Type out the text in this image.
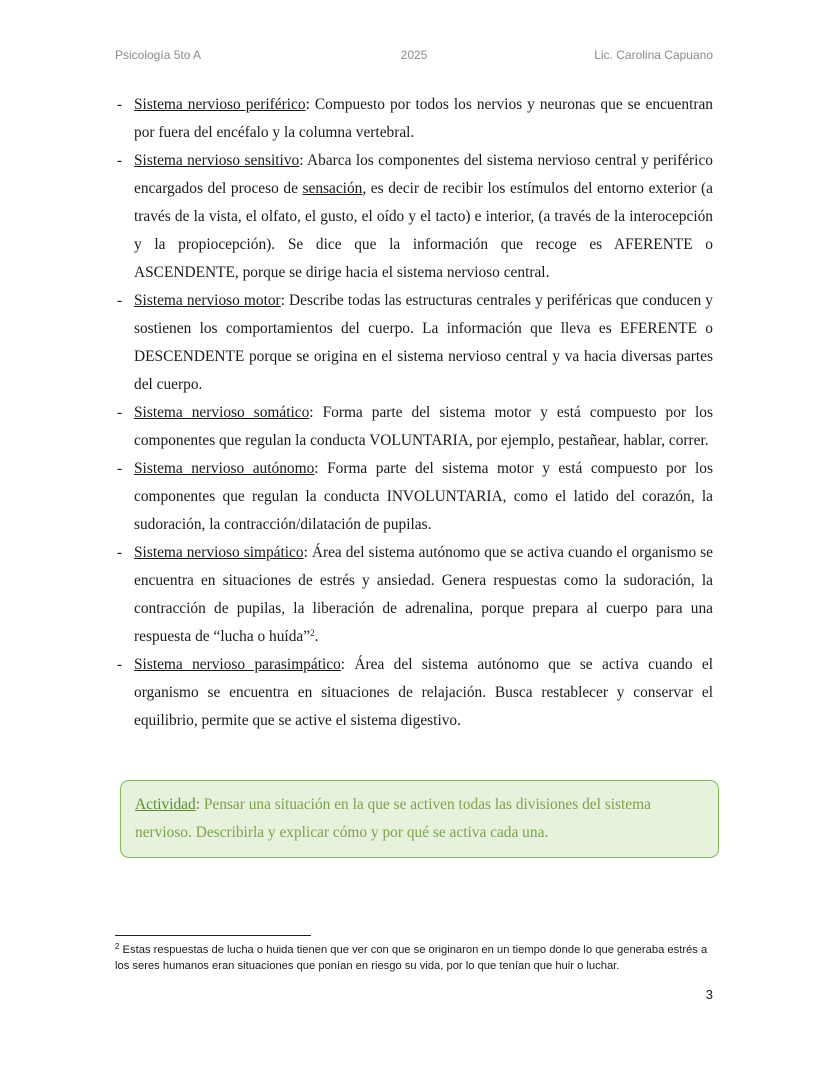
Psicología 5to A	2025	Lic. Carolina Capuano
- Sistema nervioso periférico: Compuesto por todos los nervios y neuronas que se encuentran por fuera del encéfalo y la columna vertebral.
- Sistema nervioso sensitivo: Abarca los componentes del sistema nervioso central y periférico encargados del proceso de sensación, es decir de recibir los estímulos del entorno exterior (a través de la vista, el olfato, el gusto, el oído y el tacto) e interior, (a través de la interocepción y la propiocepción). Se dice que la información que recoge es AFERENTE o ASCENDENTE, porque se dirige hacia el sistema nervioso central.
- Sistema nervioso motor: Describe todas las estructuras centrales y periféricas que conducen y sostienen los comportamientos del cuerpo. La información que lleva es EFERENTE o DESCENDENTE porque se origina en el sistema nervioso central y va hacia diversas partes del cuerpo.
- Sistema nervioso somático: Forma parte del sistema motor y está compuesto por los componentes que regulan la conducta VOLUNTARIA, por ejemplo, pestañear, hablar, correr.
- Sistema nervioso autónomo: Forma parte del sistema motor y está compuesto por los componentes que regulan la conducta INVOLUNTARIA, como el latido del corazón, la sudoración, la contracción/dilatación de pupilas.
- Sistema nervioso simpático: Área del sistema autónomo que se activa cuando el organismo se encuentra en situaciones de estrés y ansiedad. Genera respuestas como la sudoración, la contracción de pupilas, la liberación de adrenalina, porque prepara al cuerpo para una respuesta de “lucha o huída”$^2$.
- Sistema nervioso parasimpático: Área del sistema autónomo que se activa cuando el organismo se encuentra en situaciones de relajación. Busca restablecer y conservar el equilibrio, permite que se active el sistema digestivo.
Actividad: Pensar una situación en la que se activen todas las divisiones del sistema nervioso. Describirla y explicar cómo y por qué se activa cada una.
$^2$ Estas respuestas de lucha o huida tienen que ver con que se originaron en un tiempo donde lo que generaba estrés a los seres humanos eran situaciones que ponían en riesgo su vida, por lo que tenían que huir o luchar.
3
